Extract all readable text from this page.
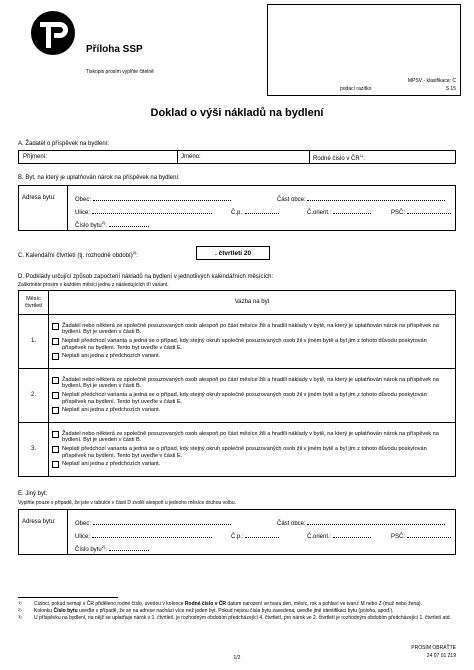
Příloha SSP
Tiskopis prosím vyplňte čitelně
MPSV - klasifikace: C
podací razítko	S 15
Doklad o výši nákladů na bydlení
A. Žadatel o příspěvek na bydlení:
Příjmení:	Jméno:	Rodné číslo v ČR$^{1)}$:
B. Byt, na který je uplatňován nárok na příspěvek na bydlení:
Adresa bytu:	Obec:	Část obce:
Ulice:	Č.p.:	Č.orient.:	PSČ:
Číslo bytu$^{2)}$:
C. Kalendářní čtvrtletí (tj. rozhodné období)$^{3)}$:	. čtvrtletí 20
D. Podklady určující způsob započtení nákladů na bydlení v jednotlivých kalendářních měsících:
Zaškrtněte prosím v každém měsíci jednu z následujících tří variant.
Měsíc čtvrtletí	Vazba na byt
1.	Žadatel nebo některá ze společně posuzovaných osob alespoň po část měsíce žili a hradili náklady v bytě, na který je uplatňován nárok na příspěvek na bydlení. Byt je uveden v části B.
Neplatí předchozí varianta a jedná se o případ, kdy stejný okruh společně posuzovaných osob žil v jiném bytě a byl jim z tohoto důvodu poskytován příspěvek na bydlení. Tento byt uveďte v části E.
Neplatí ani jedna z předchozích variant.

2.	Žadatel nebo některá ze společně posuzovaných osob alespoň po část měsíce žili a hradili náklady v bytě, na který je uplatňován nárok na příspěvek na bydlení. Byt je uveden v části B.
Neplatí předchozí varianta a jedná se o případ, kdy stejný okruh společně posuzovaných osob žil v jiném bytě a byl jim z tohoto důvodu poskytován příspěvek na bydlení. Tento byt uveďte v části E.
Neplatí ani jedna z předchozích variant.

3.	Žadatel nebo některá ze společně posuzovaných osob alespoň po část měsíce žili a hradili náklady v bytě, na který je uplatňován nárok na příspěvek na bydlení. Byt je uveden v části B.
Neplatí předchozí varianta a jedná se o případ, kdy stejný okruh společně posuzovaných osob žil v jiném bytě a byl jim z tohoto důvodu poskytován příspěvek na bydlení. Tento byt uveďte v části E.
Neplatí ani jedna z předchozích variant.
E. Jiný byt:
Vyplňte pouze v případě, že jste v tabulce v části D zvolili alespoň u jednoho měsíce druhou volbu.
Adresa bytu:	Obec:	Část obce:
Ulice:	Č.p.:	Č.orient.:	PSČ:
Číslo bytu$^{2)}$:
1)	Cizinci, pokud nemají v ČR přiděleno rodné číslo, uvedou v kolonce Rodné číslo v ČR datum narození ve tvaru den, měsíc, rok a pohlaví ve tvaru: M nebo Z (muž nebo žena).
2)	Kolonku Číslo bytu uveďte v případě, že se na adrese nachází více než jeden byt. Pokud nejsou čísla bytu zavedena, uveďte jiné identifikaci bytu (poloha, apod.).
3)	U příspěvku na bydlení, na nějž se uplatňuje nárok v 1. čtvrtletí, je rozhodným obdobím předcházející 4. čtvrtletí, pro nárok ve 2. čtvrtletí je rozhodným obdobím předcházející 1. čtvrtletí atd.
1/2
PROSÍM OBRAŤTE
24 07 01 219
